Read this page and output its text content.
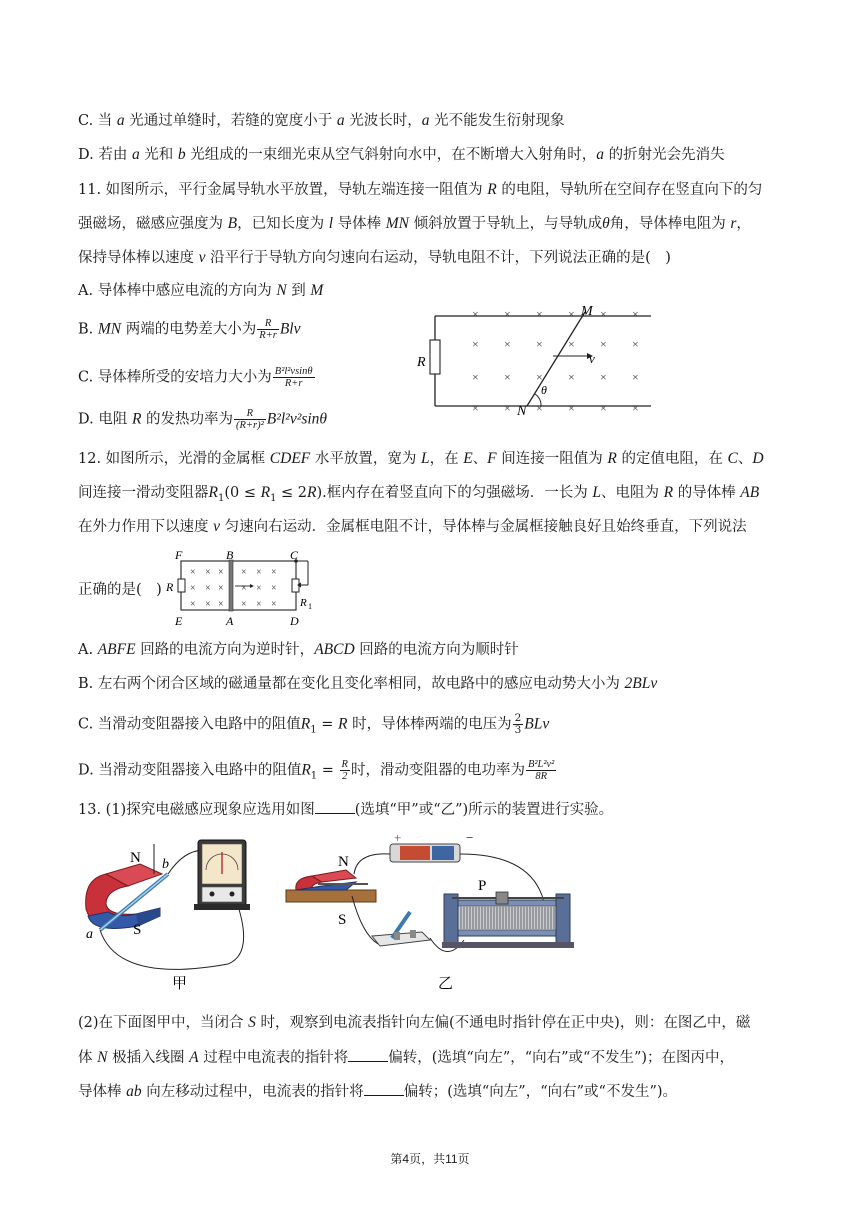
C. 当 a 光通过单缝时，若缝的宽度小于 a 光波长时，a 光不能发生衍射现象
D. 若由 a 光和 b 光组成的一束细光束从空气斜射向水中，在不断增大入射角时，a 的折射光会先消失
11. 如图所示，平行金属导轨水平放置，导轨左端连接一阻值为 R 的电阻，导轨所在空间存在竖直向下的匀
强磁场，磁感应强度为 B，已知长度为 l 导体棒 MN 倾斜放置于导轨上，与导轨成θ角，导体棒电阻为 r，
保持导体棒以速度 v 沿平行于导轨方向匀速向右运动，导轨电阻不计，下列说法正确的是(　)
A. 导体棒中感应电流的方向为 N 到 M
B. MN 两端的电势差大小为 $\frac{R}{R+r}$ Blv
C. 导体棒所受的安培力大小为 $\frac{\text{B²l²vsinθ}}{R+r}$
D. 电阻 R 的发热功率为 $\frac{R}{\text{(R+r)²}} B^2l^2v^2\sin\theta$
R
× × × × × ×
× × × × × ×
× × × × × ×
× × × × × ×
M
N
v
θ
12. 如图所示，光滑的金属框 CDEF 水平放置，宽为 L，在 E、F 间连接一阻值为 R 的定值电阻，在 C、D
间连接一滑动变阻器$R_1(0 \le R_1 \le 2R)$.框内存在着竖直向下的匀强磁场．一长为 L、电阻为 R 的导体棒 AB
在外力作用下以速度 v 匀速向右运动．金属框电阻不计，导体棒与金属框接触良好且始终垂直，下列说法
正确的是(　)
× × × × × ×
× × × × × ×
× × × × × ×
F	B	C
E	A	D
R
R 1
A. ABFE 回路的电流方向为逆时针，ABCD 回路的电流方向为顺时针
B. 左右两个闭合区域的磁通量都在变化且变化率相同，故电路中的感应电动势大小为 2BLv
C. 当滑动变阻器接入电路中的阻值$R_1 = R$ 时，导体棒两端的电压为 $\frac{2}{3}$ BLv
D. 当滑动变阻器接入电路中的阻值$R_1 = \frac{R}{2}$ 时，滑动变阻器的电功率为 $\frac{\text{B²L²v²}}{8R}$
13. (1)探究电磁感应现象应选用如图	(选填“甲”或“乙”)所示的装置进行实验。
N
S
a
b
甲
+	−
N
S
P
乙
(2)在下面图甲中，当闭合 S 时，观察到电流表指针向左偏(不通电时指针停在正中央)，则：在图乙中，磁
体 N 极插入线圈 A 过程中电流表的指针将	偏转，(选填“向左”，“向右”或“不发生”)；在图丙中，
导体棒 ab 向左移动过程中，电流表的指针将	偏转；(选填“向左”，“向右”或“不发生”)。
第4页，共11页
